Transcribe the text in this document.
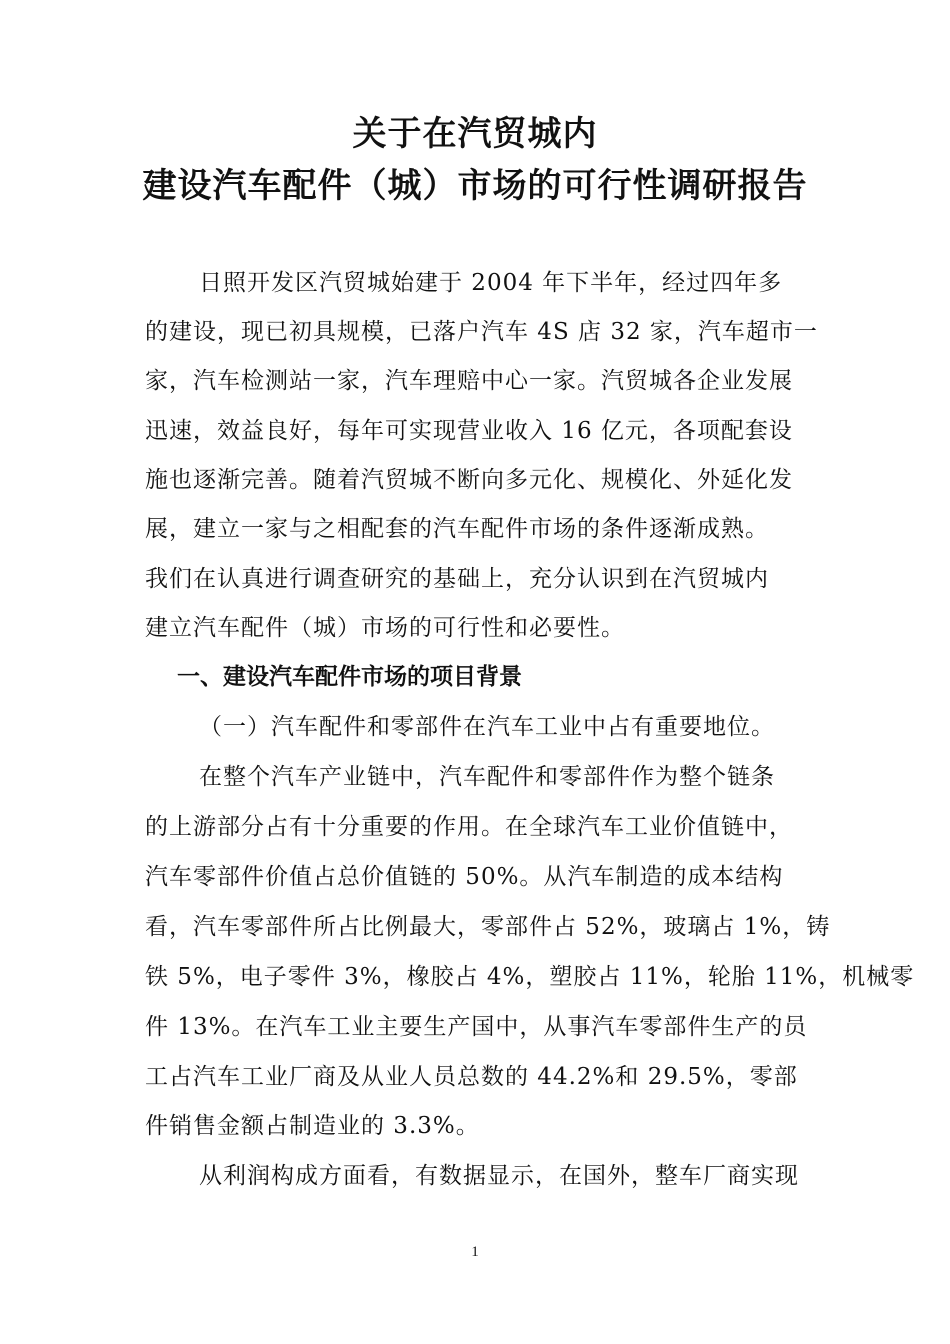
关于在汽贸城内
建设汽车配件（城）市场的可行性调研报告
日照开发区汽贸城始建于 2004 年下半年，经过四年多
的建设，现已初具规模，已落户汽车 4S 店 32 家，汽车超市一
家，汽车检测站一家，汽车理赔中心一家。汽贸城各企业发展
迅速，效益良好，每年可实现营业收入 16 亿元，各项配套设
施也逐渐完善。随着汽贸城不断向多元化、规模化、外延化发
展，建立一家与之相配套的汽车配件市场的条件逐渐成熟。
我们在认真进行调查研究的基础上，充分认识到在汽贸城内
建立汽车配件（城）市场的可行性和必要性。
一、建设汽车配件市场的项目背景
（一）汽车配件和零部件在汽车工业中占有重要地位。
在整个汽车产业链中，汽车配件和零部件作为整个链条
的上游部分占有十分重要的作用。在全球汽车工业价值链中，
汽车零部件价值占总价值链的 50%。从汽车制造的成本结构
看，汽车零部件所占比例最大，零部件占 52%，玻璃占 1%，铸
铁 5%，电子零件 3%，橡胶占 4%，塑胶占 11%，轮胎 11%，机械零
件 13%。在汽车工业主要生产国中，从事汽车零部件生产的员
工占汽车工业厂商及从业人员总数的 44.2%和 29.5%，零部
件销售金额占制造业的 3.3%。
从利润构成方面看，有数据显示，在国外，整车厂商实现
1
